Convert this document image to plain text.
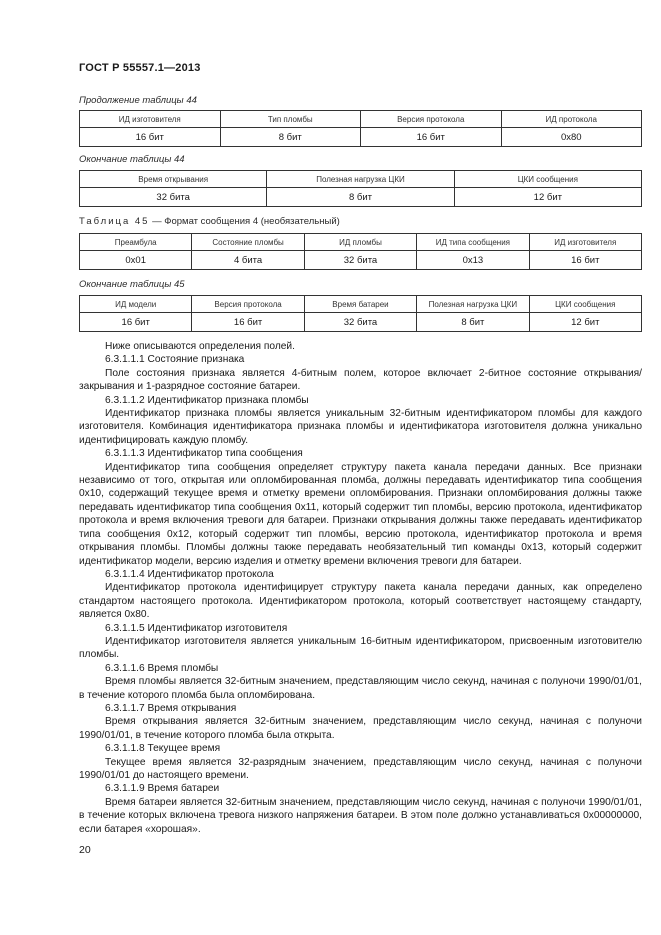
ГОСТ Р 55557.1—2013
Продолжение таблицы 44
ИД изготовителя	Тип пломбы	Версия протокола	ИД протокола
16 бит	8 бит	16 бит	0x80
Окончание таблицы 44
Время открывания	Полезная нагрузка ЦКИ	ЦКИ сообщения
32 бита	8 бит	12 бит
Таблица 45 — Формат сообщения 4 (необязательный)
Преамбула	Состояние пломбы	ИД пломбы	ИД типа сообщения	ИД изготовителя
0x01	4 бита	32 бита	0x13	16 бит
Окончание таблицы 45
ИД модели	Версия протокола	Время батареи	Полезная нагрузка ЦКИ	ЦКИ сообщения
16 бит	16 бит	32 бита	8 бит	12 бит

Ниже описываются определения полей.

6.3.1.1.1 Состояние признака

Поле состояния признака является 4-битным полем, которое включает 2-битное состояние открывания/закрывания и 1-разрядное состояние батареи.

6.3.1.1.2 Идентификатор признака пломбы

Идентификатор признака пломбы является уникальным 32-битным идентификатором пломбы для каждого изготовителя. Комбинация идентификатора признака пломбы и идентификатора изготовителя должна уникально идентифицировать каждую пломбу.

6.3.1.1.3 Идентификатор типа сообщения

Идентификатор типа сообщения определяет структуру пакета канала передачи данных. Все признаки независимо от того, открытая или опломбированная пломба, должны передавать идентификатор типа сообщения 0x10, содержащий текущее время и отметку времени опломбирования. Признаки опломбирования должны также передавать идентификатор типа сообщения 0x11, который содержит тип пломбы, версию протокола, идентификатор протокола и время включения тревоги для батареи. Признаки открывания должны также передавать идентификатор типа сообщения 0x12, который содержит тип пломбы, версию протокола, идентификатор протокола и время открывания пломбы. Пломбы должны также передавать необязательный тип команды 0x13, который содержит идентификатор модели, версию изделия и отметку времени включения тревоги для батареи.

6.3.1.1.4 Идентификатор протокола

Идентификатор протокола идентифицирует структуру пакета канала передачи данных, как определено стандартом настоящего протокола. Идентификатором протокола, который соответствует настоящему стандарту, является 0x80.

6.3.1.1.5 Идентификатор изготовителя

Идентификатор изготовителя является уникальным 16-битным идентификатором, присвоенным изготовителю пломбы.

6.3.1.1.6 Время пломбы

Время пломбы является 32-битным значением, представляющим число секунд, начиная с полуночи 1990/01/01, в течение которого пломба была опломбирована.

6.3.1.1.7 Время открывания

Время открывания является 32-битным значением, представляющим число секунд, начиная с полуночи 1990/01/01, в течение которого пломба была открыта.

6.3.1.1.8 Текущее время

Текущее время является 32-разрядным значением, представляющим число секунд, начиная с полуночи 1990/01/01 до настоящего времени.

6.3.1.1.9 Время батареи

Время батареи является 32-битным значением, представляющим число секунд, начиная с полуночи 1990/01/01, в течение которых включена тревога низкого напряжения батареи. В этом поле должно устанавливаться 0x00000000, если батарея «хорошая».

20
